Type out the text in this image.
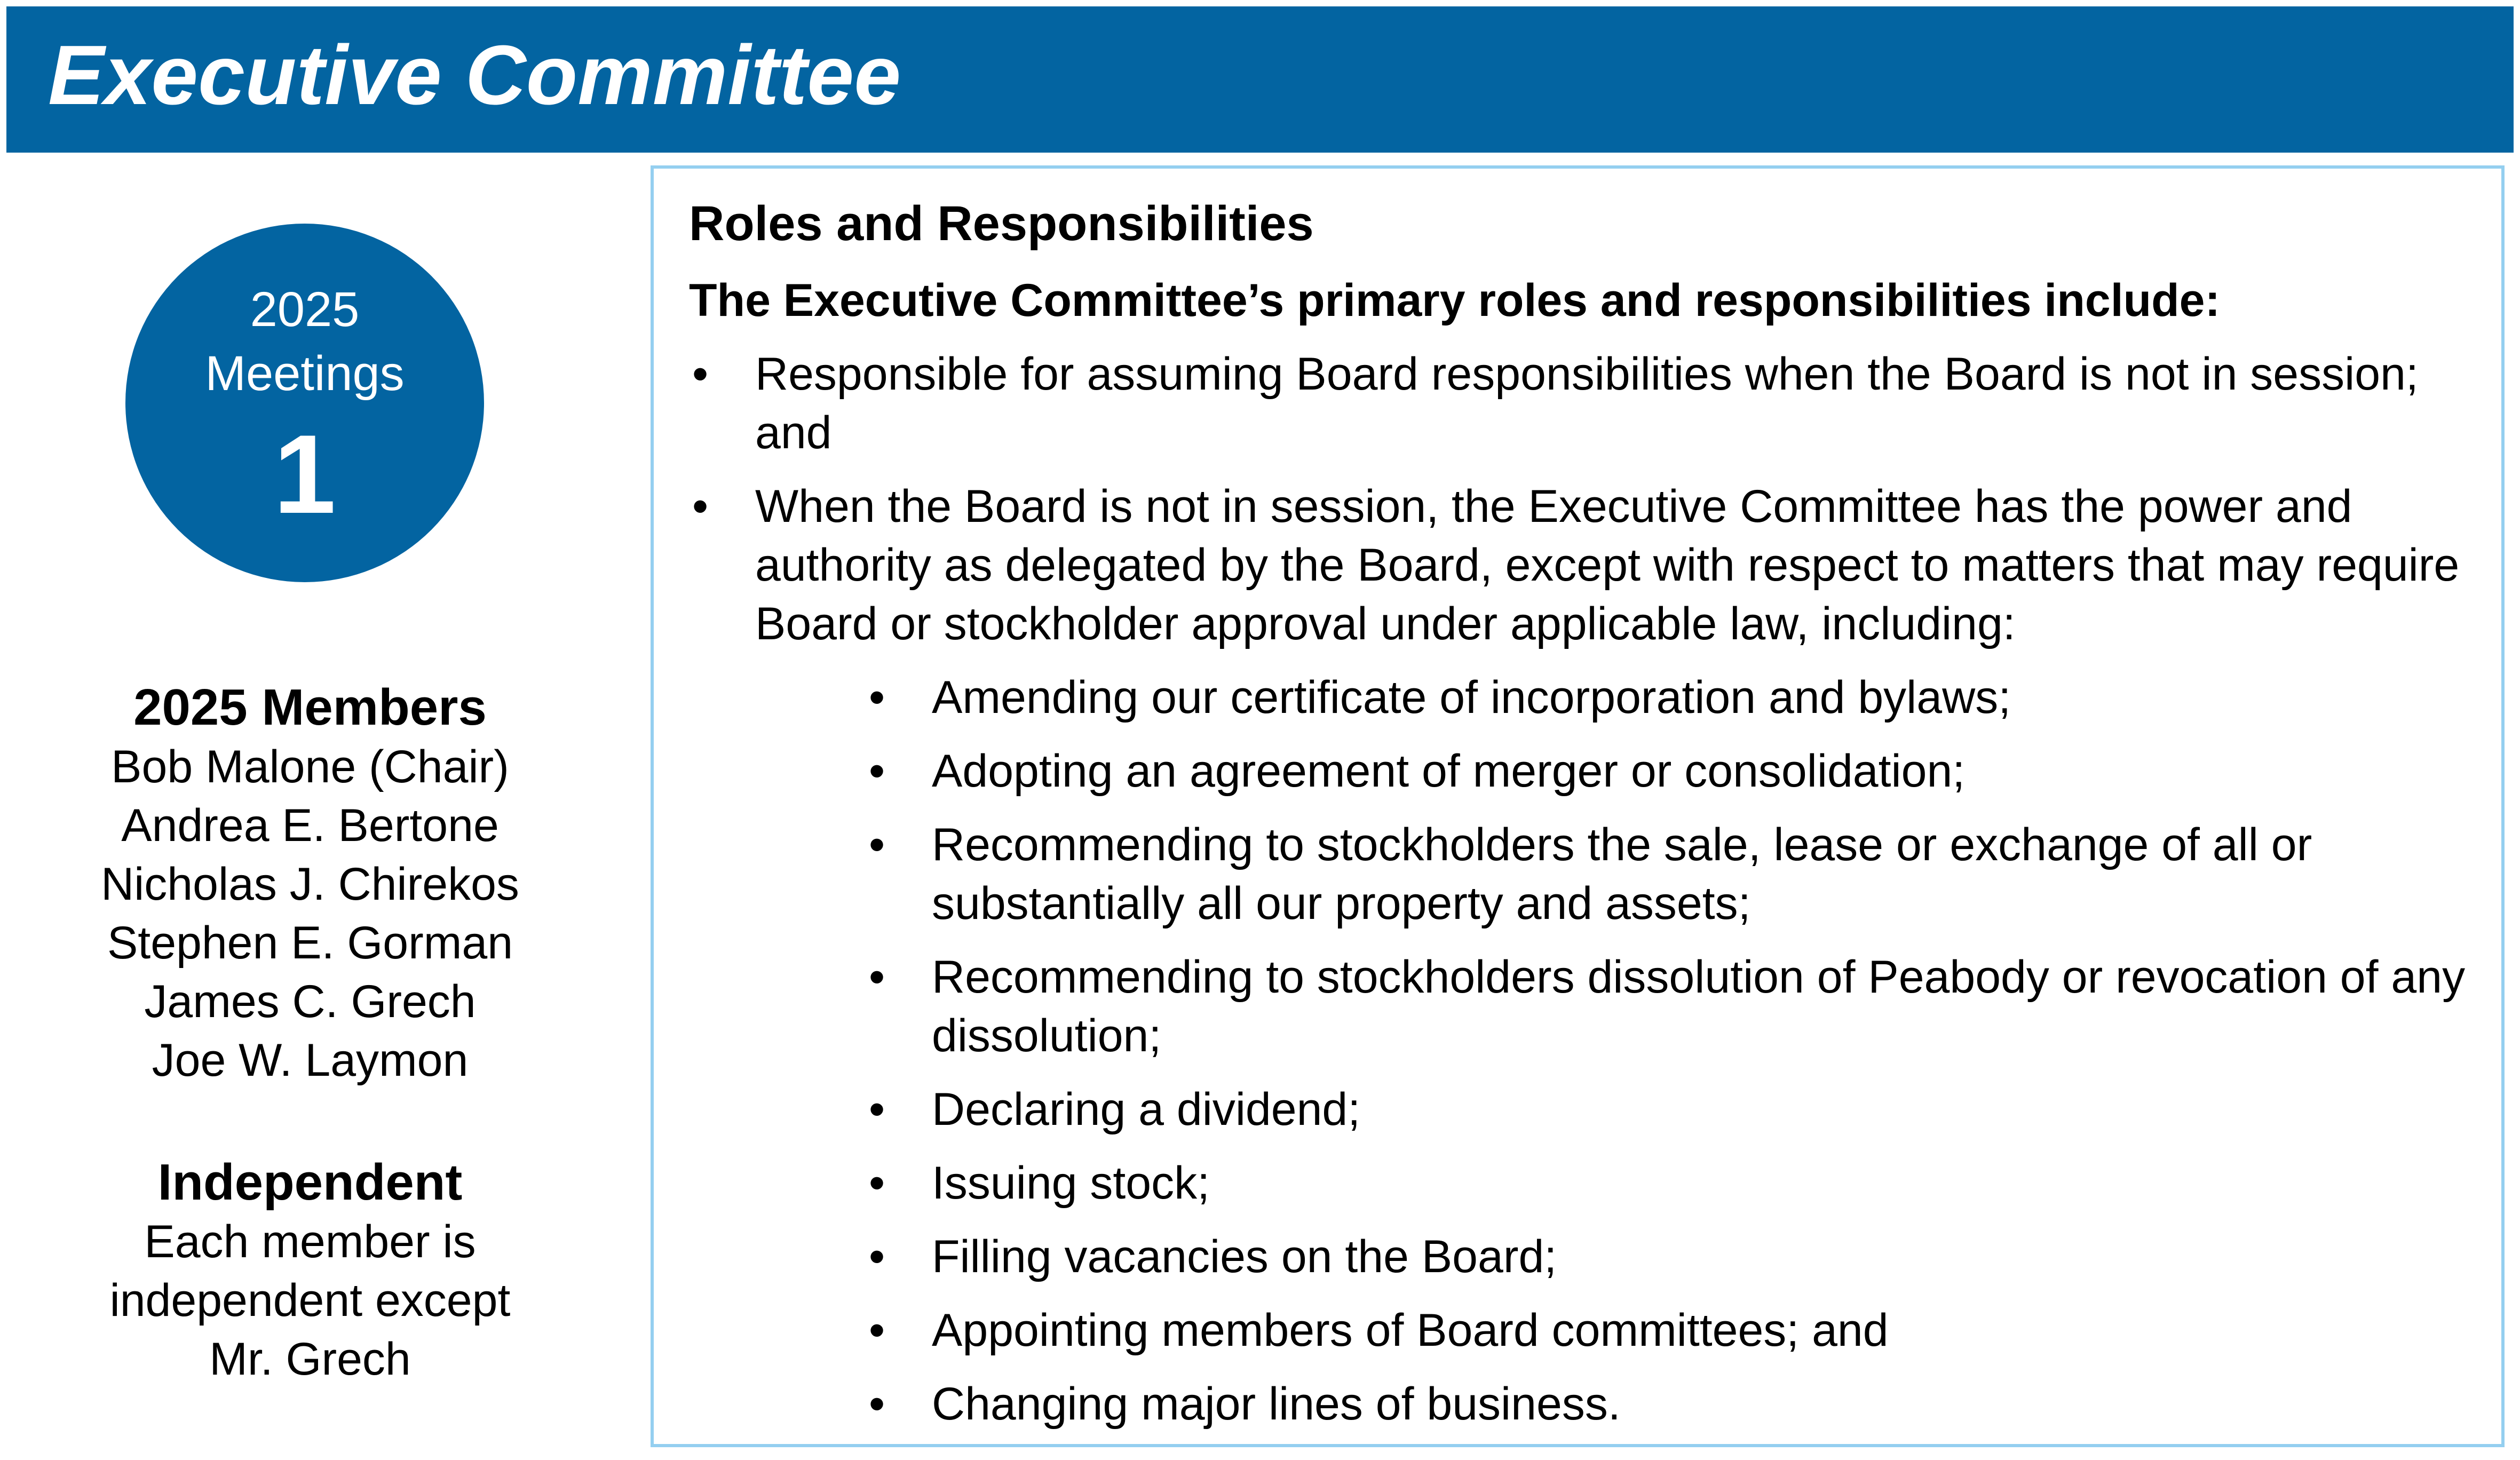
Executive Committee
2025
Meetings
1
2025 Members
Bob Malone (Chair)
Andrea E. Bertone
Nicholas J. Chirekos
Stephen E. Gorman
James C. Grech
Joe W. Laymon
Independent
Each member is
independent except
Mr. Grech
Roles and Responsibilities
The Executive Committee’s primary roles and responsibilities include:
• Responsible for assuming Board responsibilities when the Board is not in session; and
• When the Board is not in session, the Executive Committee has the power and authority as delegated by the Board, except with respect to matters that may require Board or stockholder approval under applicable law, including:
• Amending our certificate of incorporation and bylaws;
• Adopting an agreement of merger or consolidation;
• Recommending to stockholders the sale, lease or exchange of all or substantially all our property and assets;
• Recommending to stockholders dissolution of Peabody or revocation of any dissolution;
• Declaring a dividend;
• Issuing stock;
• Filling vacancies on the Board;
• Appointing members of Board committees; and
• Changing major lines of business.
